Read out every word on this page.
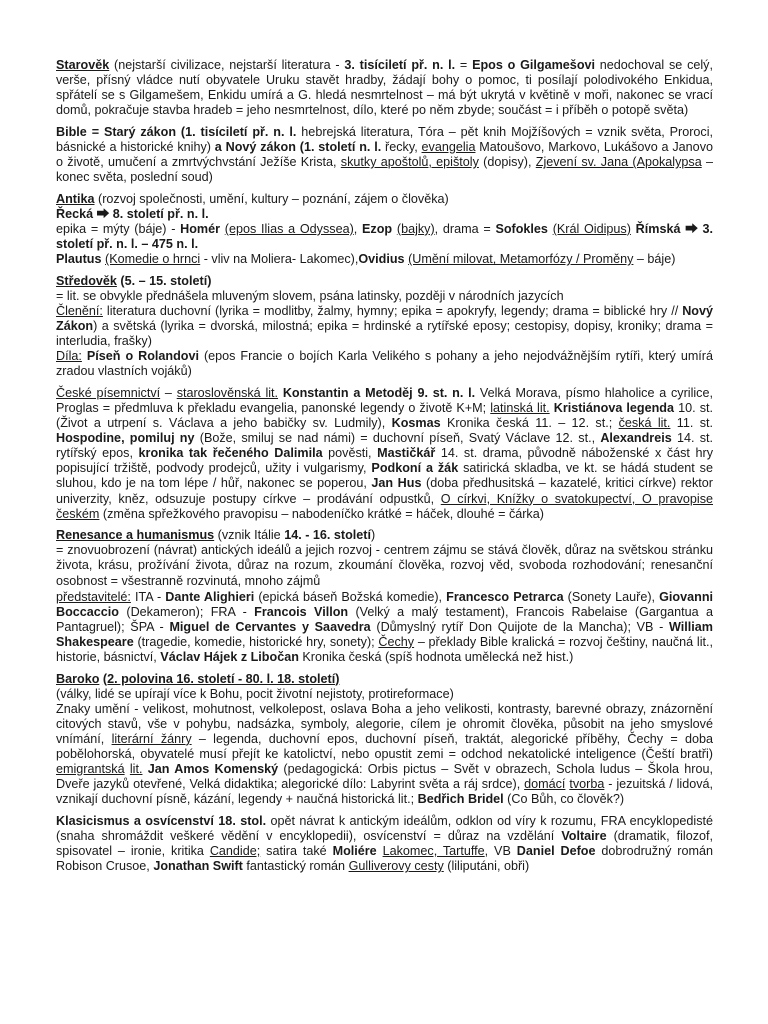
Starověk (nejstarší civilizace, nejstarší literatura - 3. tisíciletí př. n. l. = Epos o Gilgamešovi nedochoval se celý, verše, přísný vládce nutí obyvatele Uruku stavět hradby, žádají bohy o pomoc, ti posílají polodivokého Enkidua, spřátelí se s Gilgamešem, Enkidu umírá a G. hledá nesmrtelnost – má být ukrytá v květině v moři, nakonec se vrací domů, pokračuje stavba hradeb = jeho nesmrtelnost, dílo, které po něm zbyde; součást = i příběh o potopě světa)

Bible = Starý zákon (1. tisíciletí př. n. l. hebrejská literatura, Tóra – pět knih Mojžíšových = vznik světa, Proroci, básnické a historické knihy) a Nový zákon (1. století n. l. řecky, evangelia Matoušovo, Markovo, Lukášovo a Janovo o životě, umučení a zmrtvýchvstání Ježíše Krista, skutky apoštolů, epištoly (dopisy), Zjevení sv. Jana (Apokalypsa – konec světa, poslední soud)

Antika (rozvoj společnosti, umění, kultury – poznání, zájem o člověka)
Řecká ⮕ 8. století př. n. l.
epika = mýty (báje) - Homér (epos Ilias a Odyssea), Ezop (bajky), drama = Sofokles (Král Oidipus) Římská ⮕ 3. století př. n. l. – 475 n. l.
Plautus (Komedie o hrnci - vliv na Moliera- Lakomec),Ovidius (Umění milovat, Metamorfózy / Proměny – báje)

Středověk (5. – 15. století)
= lit. se obvykle přednášela mluveným slovem, psána latinsky, později v národních jazycích
Členění: literatura duchovní (lyrika = modlitby, žalmy, hymny; epika = apokryfy, legendy; drama = biblické hry // Nový Zákon) a světská (lyrika = dvorská, milostná; epika = hrdinské a rytířské eposy; cestopisy, dopisy, kroniky; drama = interludia, frašky)
Díla: Píseň o Rolandovi (epos Francie o bojích Karla Velikého s pohany a jeho nejodvážnějším rytíři, který umírá zradou vlastních vojáků)

České písemnictví – staroslověnská lit. Konstantin a Metoděj 9. st. n. l. Velká Morava, písmo hlaholice a cyrilice, Proglas = předmluva k překladu evangelia, panonské legendy o životě K+M; latinská lit. Kristiánova legenda 10. st. (Život a utrpení s. Václava a jeho babičky sv. Ludmily), Kosmas Kronika česká 11. – 12. st.; česká lit. 11. st. Hospodine, pomiluj ny (Bože, smiluj se nad námi) = duchovní píseň, Svatý Václave 12. st., Alexandreis 14. st. rytířský epos, kronika tak řečeného Dalimila pověsti, Mastičkář 14. st. drama, původně náboženské x část hry popisující tržiště, podvody prodejců, užity i vulgarismy, Podkoní a žák satirická skladba, ve kt. se hádá student se sluhou, kdo je na tom lépe / hůř, nakonec se poperou, Jan Hus (doba předhusitská – kazatelé, kritici církve) rektor univerzity, kněz, odsuzuje postupy církve – prodávání odpustků, O církvi, Knížky o svatokupectví, O pravopise českém (změna spřežkového pravopisu – nabodeníčko krátké = háček, dlouhé = čárka)

Renesance a humanismus (vznik Itálie 14. - 16. století)
= znovuobrození (návrat) antických ideálů a jejich rozvoj - centrem zájmu se stává člověk, důraz na světskou stránku života, krásu, prožívání života, důraz na rozum, zkoumání člověka, rozvoj věd, svoboda rozhodování; renesanční osobnost = všestranně rozvinutá, mnoho zájmů

představitelé: ITA - Dante Alighieri (epická báseň Božská komedie), Francesco Petrarca (Sonety Lauře), Giovanni Boccaccio (Dekameron); FRA - Francois Villon (Velký a malý testament), Francois Rabelaise (Gargantua a Pantagruel); ŠPA - Miguel de Cervantes y Saavedra (Důmyslný rytíř Don Quijote de la Mancha); VB - William Shakespeare (tragedie, komedie, historické hry, sonety); Čechy – překlady Bible kralická = rozvoj češtiny, naučná lit., historie, básnictví, Václav Hájek z Libočan Kronika česká (spíš hodnota umělecká než hist.)

Baroko (2. polovina 16. století - 80. l. 18. století)
(války, lidé se upírají více k Bohu, pocit životní nejistoty, protireformace)
Znaky umění - velikost, mohutnost, velkolepost, oslava Boha a jeho velikosti, kontrasty, barevné obrazy, znázornění citových stavů, vše v pohybu, nadsázka, symboly, alegorie, cílem je ohromit člověka, působit na jeho smyslové vnímání, literární žánry – legenda, duchovní epos, duchovní píseň, traktát, alegorické příběhy, Čechy = doba pobělohorská, obyvatelé musí přejít ke katolictví, nebo opustit zemi = odchod nekatolické inteligence (Čeští bratři) emigrantská lit. Jan Amos Komenský (pedagogická: Orbis pictus – Svět v obrazech, Schola ludus – Škola hrou, Dveře jazyků otevřené, Velká didaktika; alegorické dílo: Labyrint světa a ráj srdce), domácí tvorba - jezuitská / lidová, vznikají duchovní písně, kázání, legendy + naučná historická lit.; Bedřich Bridel (Co Bůh, co člověk?)

Klasicismus a osvícenství 18. stol. opět návrat k antickým ideálům, odklon od víry k rozumu, FRA encyklopedisté (snaha shromáždit veškeré vědění v encyklopedii), osvícenství = důraz na vzdělání Voltaire (dramatik, filozof, spisovatel – ironie, kritika Candide; satira také Moliére Lakomec, Tartuffe, VB Daniel Defoe dobrodružný román Robison Crusoe, Jonathan Swift fantastický román Gulliverovy cesty (liliputáni, obři)
